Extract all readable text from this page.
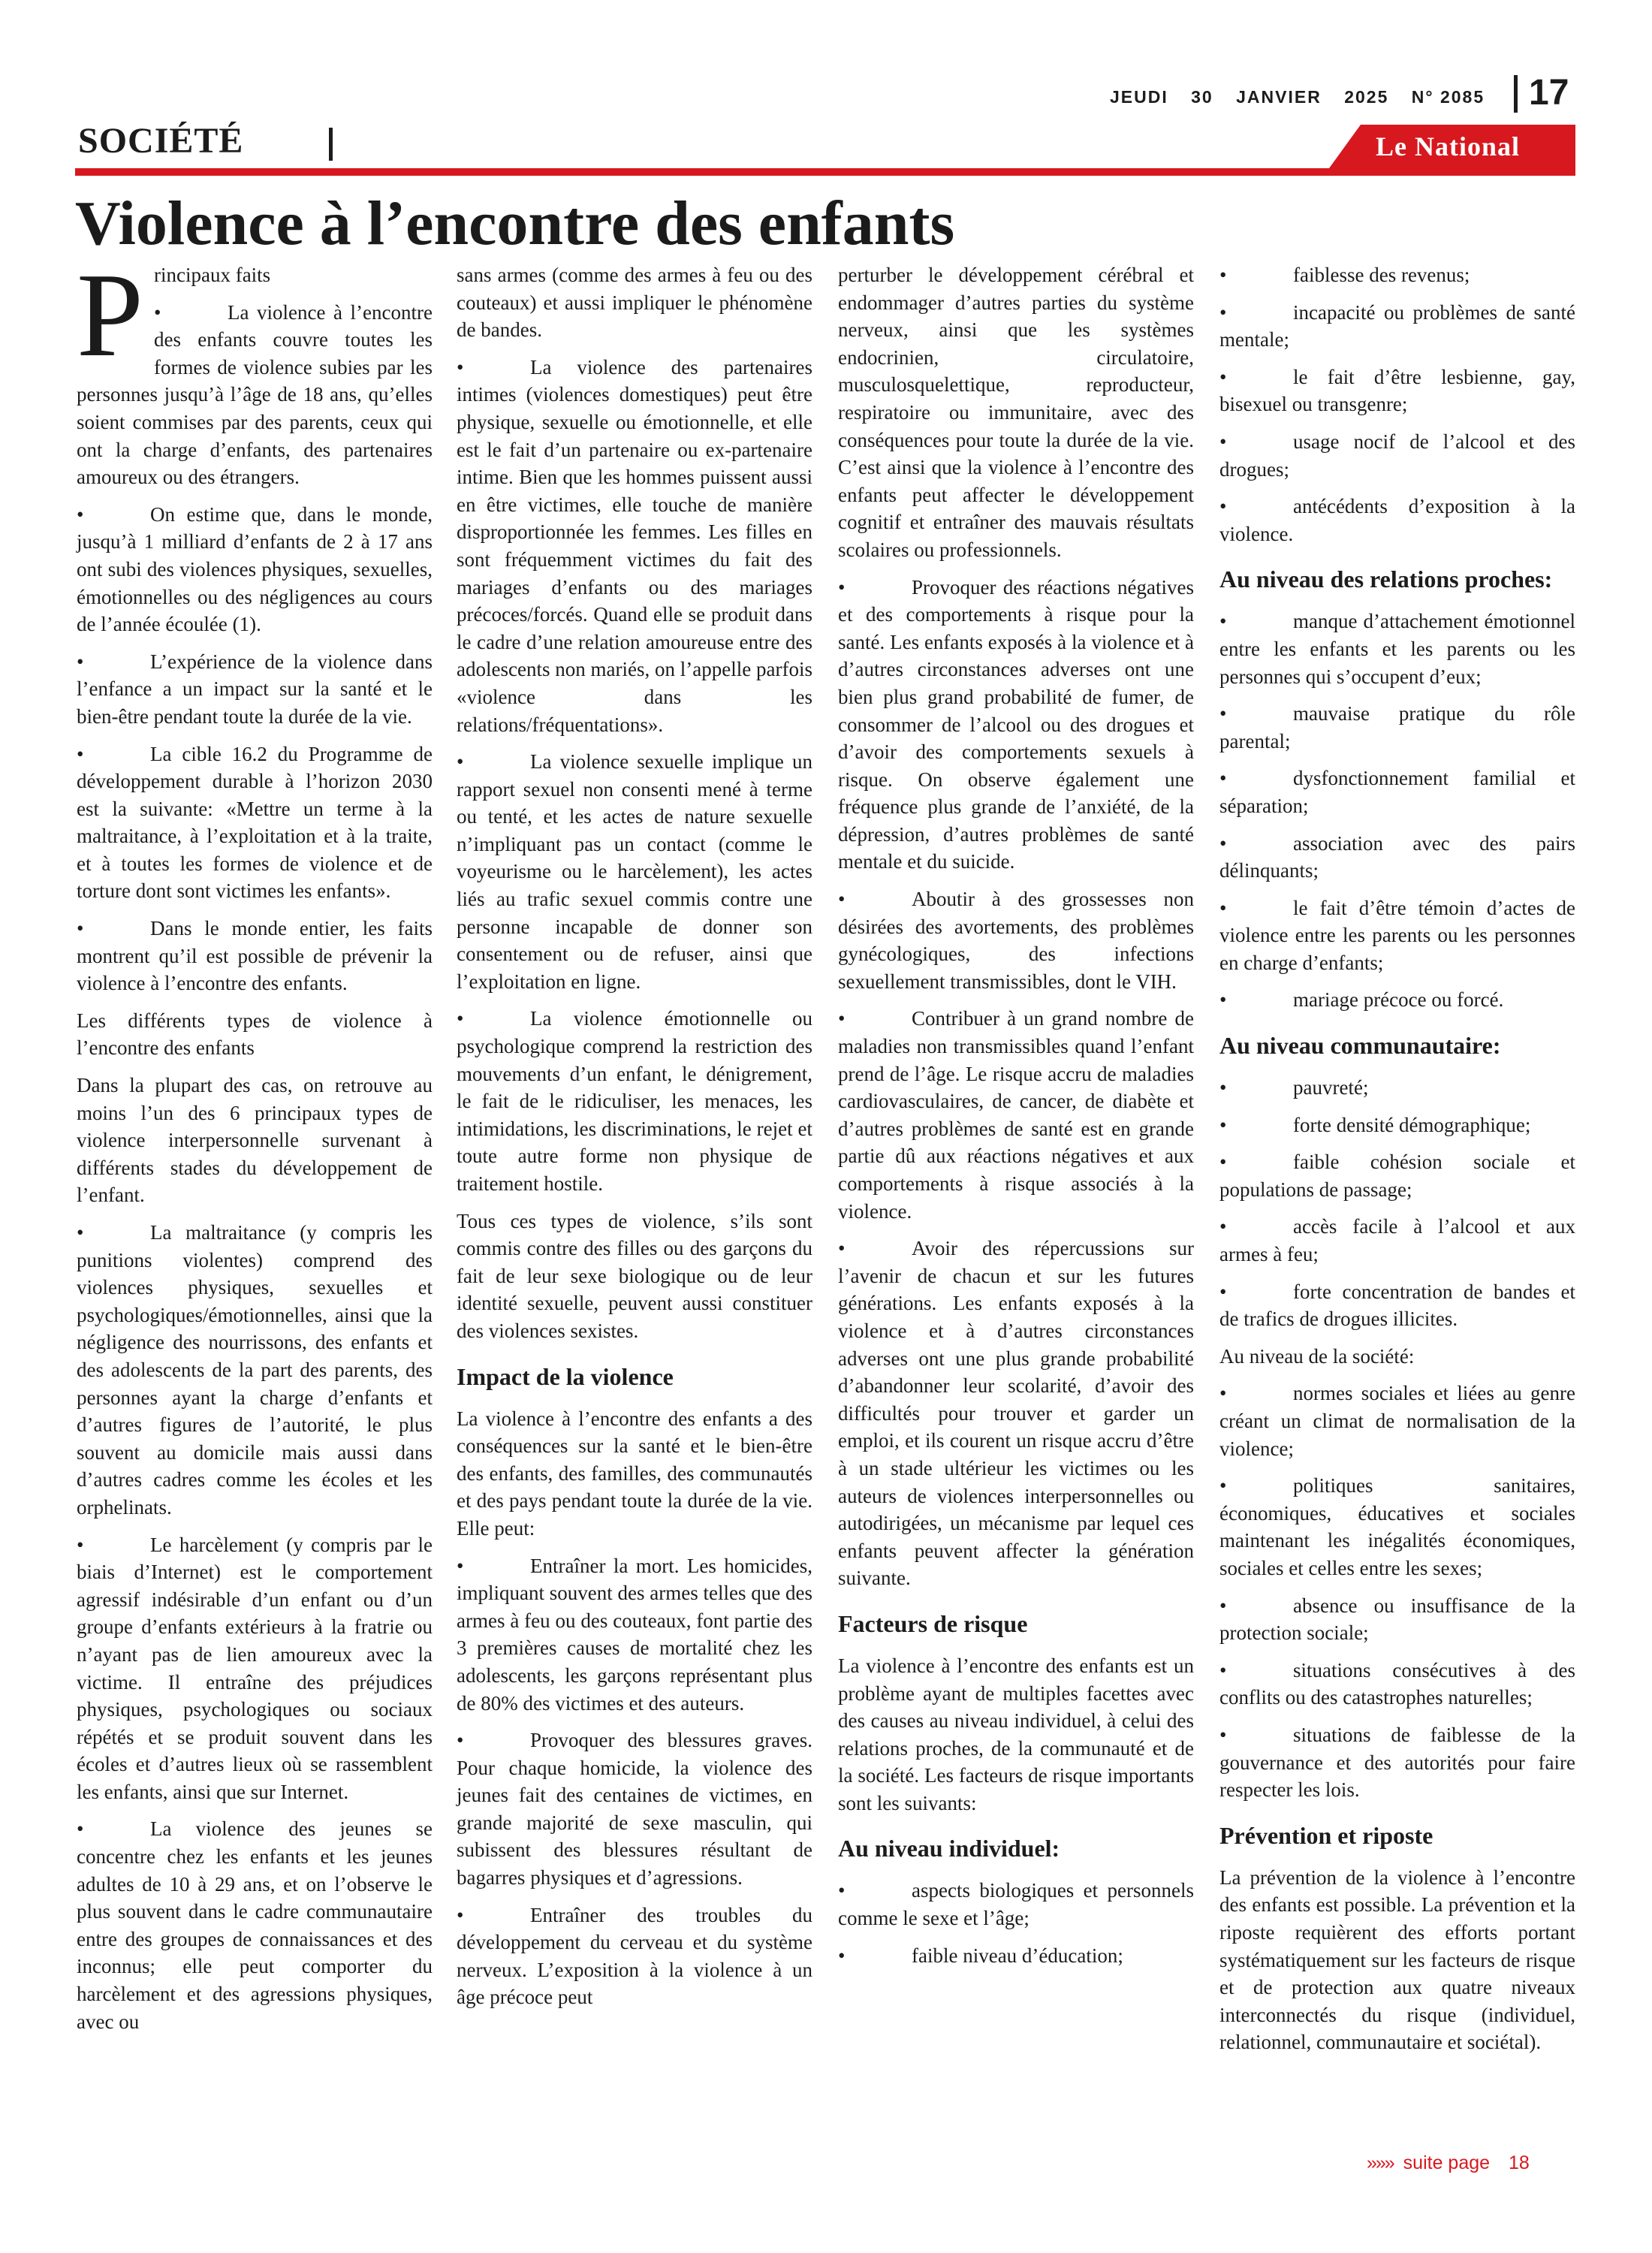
JEUDI 30 JANVIER 2025 N° 2085	17
SOCIÉTÉ	Le National
Violence à l’encontre des enfants

Principaux faits

• La violence à l’encontre des enfants couvre toutes les formes de violence subies par les personnes jusqu’à l’âge de 18 ans, qu’elles soient commises par des parents, ceux qui ont la charge d’enfants, des partenaires amoureux ou des étrangers.

• On estime que, dans le monde, jusqu’à 1 milliard d’enfants de 2 à 17 ans ont subi des violences physiques, sexuelles, émotionnelles ou des négligences au cours de l’année écoulée (1).

• L’expérience de la violence dans l’enfance a un impact sur la santé et le bien-être pendant toute la durée de la vie.

• La cible 16.2 du Programme de développement durable à l’horizon 2030 est la suivante: «Mettre un terme à la maltraitance, à l’exploitation et à la traite, et à toutes les formes de violence et de torture dont sont victimes les enfants».

• Dans le monde entier, les faits montrent qu’il est possible de prévenir la violence à l’encontre des enfants.

Les différents types de violence à l’encontre des enfants

Dans la plupart des cas, on retrouve au moins l’un des 6 principaux types de violence interpersonnelle survenant à différents stades du développement de l’enfant.

• La maltraitance (y compris les punitions violentes) comprend des violences physiques, sexuelles et psychologiques/émotionnelles, ainsi que la négligence des nourrissons, des enfants et des adolescents de la part des parents, des personnes ayant la charge d’enfants et d’autres figures de l’autorité, le plus souvent au domicile mais aussi dans d’autres cadres comme les écoles et les orphelinats.

• Le harcèlement (y compris par le biais d’Internet) est le comportement agressif indésirable d’un enfant ou d’un groupe d’enfants extérieurs à la fratrie ou n’ayant pas de lien amoureux avec la victime. Il entraîne des préjudices physiques, psychologiques ou sociaux répétés et se produit souvent dans les écoles et d’autres lieux où se rassemblent les enfants, ainsi que sur Internet.

• La violence des jeunes se concentre chez les enfants et les jeunes adultes de 10 à 29 ans, et on l’observe le plus souvent dans le cadre communautaire entre des groupes de connaissances et des inconnus; elle peut comporter du harcèlement et des agressions physiques, avec ou

sans armes (comme des armes à feu ou des couteaux) et aussi impliquer le phénomène de bandes.

• La violence des partenaires intimes (violences domestiques) peut être physique, sexuelle ou émotionnelle, et elle est le fait d’un partenaire ou ex-partenaire intime. Bien que les hommes puissent aussi en être victimes, elle touche de manière disproportionnée les femmes. Les filles en sont fréquemment victimes du fait des mariages d’enfants ou des mariages précoces/forcés. Quand elle se produit dans le cadre d’une relation amoureuse entre des adolescents non mariés, on l’appelle parfois «violence dans les relations/fréquentations».

• La violence sexuelle implique un rapport sexuel non consenti mené à terme ou tenté, et les actes de nature sexuelle n’impliquant pas un contact (comme le voyeurisme ou le harcèlement), les actes liés au trafic sexuel commis contre une personne incapable de donner son consentement ou de refuser, ainsi que l’exploitation en ligne.

• La violence émotionnelle ou psychologique comprend la restriction des mouvements d’un enfant, le dénigrement, le fait de le ridiculiser, les menaces, les intimidations, les discriminations, le rejet et toute autre forme non physique de traitement hostile.

Tous ces types de violence, s’ils sont commis contre des filles ou des garçons du fait de leur sexe biologique ou de leur identité sexuelle, peuvent aussi constituer des violences sexistes.

Impact de la violence

La violence à l’encontre des enfants a des conséquences sur la santé et le bien-être des enfants, des familles, des communautés et des pays pendant toute la durée de la vie. Elle peut:

• Entraîner la mort. Les homicides, impliquant souvent des armes telles que des armes à feu ou des couteaux, font partie des 3 premières causes de mortalité chez les adolescents, les garçons représentant plus de 80% des victimes et des auteurs.

• Provoquer des blessures graves. Pour chaque homicide, la violence des jeunes fait des centaines de victimes, en grande majorité de sexe masculin, qui subissent des blessures résultant de bagarres physiques et d’agressions.

• Entraîner des troubles du développement du cerveau et du système nerveux. L’exposition à la violence à un âge précoce peut

perturber le développement cérébral et endommager d’autres parties du système nerveux, ainsi que les systèmes endocrinien, circulatoire, musculosquelettique, reproducteur, respiratoire ou immunitaire, avec des conséquences pour toute la durée de la vie. C’est ainsi que la violence à l’encontre des enfants peut affecter le développement cognitif et entraîner des mauvais résultats scolaires ou professionnels.

• Provoquer des réactions négatives et des comportements à risque pour la santé. Les enfants exposés à la violence et à d’autres circonstances adverses ont une bien plus grand probabilité de fumer, de consommer de l’alcool ou des drogues et d’avoir des comportements sexuels à risque. On observe également une fréquence plus grande de l’anxiété, de la dépression, d’autres problèmes de santé mentale et du suicide.

• Aboutir à des grossesses non désirées des avortements, des problèmes gynécologiques, des infections sexuellement transmissibles, dont le VIH.

• Contribuer à un grand nombre de maladies non transmissibles quand l’enfant prend de l’âge. Le risque accru de maladies cardiovasculaires, de cancer, de diabète et d’autres problèmes de santé est en grande partie dû aux réactions négatives et aux comportements à risque associés à la violence.

• Avoir des répercussions sur l’avenir de chacun et sur les futures générations. Les enfants exposés à la violence et à d’autres circonstances adverses ont une plus grande probabilité d’abandonner leur scolarité, d’avoir des difficultés pour trouver et garder un emploi, et ils courent un risque accru d’être à un stade ultérieur les victimes ou les auteurs de violences interpersonnelles ou autodirigées, un mécanisme par lequel ces enfants peuvent affecter la génération suivante.

Facteurs de risque

La violence à l’encontre des enfants est un problème ayant de multiples facettes avec des causes au niveau individuel, à celui des relations proches, de la communauté et de la société. Les facteurs de risque importants sont les suivants:

Au niveau individuel:

• aspects biologiques et personnels comme le sexe et l’âge;

• faible niveau d’éducation;

• faiblesse des revenus;

• incapacité ou problèmes de santé mentale;

• le fait d’être lesbienne, gay, bisexuel ou transgenre;

• usage nocif de l’alcool et des drogues;

• antécédents d’exposition à la violence.

Au niveau des relations proches:

• manque d’attachement émotionnel entre les enfants et les parents ou les personnes qui s’occupent d’eux;

• mauvaise pratique du rôle parental;

• dysfonctionnement familial et séparation;

• association avec des pairs délinquants;

• le fait d’être témoin d’actes de violence entre les parents ou les personnes en charge d’enfants;

• mariage précoce ou forcé.

Au niveau communautaire:

• pauvreté;

• forte densité démographique;

• faible cohésion sociale et populations de passage;

• accès facile à l’alcool et aux armes à feu;

• forte concentration de bandes et de trafics de drogues illicites.

Au niveau de la société:

• normes sociales et liées au genre créant un climat de normalisation de la violence;

• politiques sanitaires, économiques, éducatives et sociales maintenant les inégalités économiques, sociales et celles entre les sexes;

• absence ou insuffisance de la protection sociale;

• situations consécutives à des conflits ou des catastrophes naturelles;

• situations de faiblesse de la gouvernance et des autorités pour faire respecter les lois.

Prévention et riposte

La prévention de la violence à l’encontre des enfants est possible. La prévention et la riposte requièrent des efforts portant systématiquement sur les facteurs de risque et de protection aux quatre niveaux interconnectés du risque (individuel, relationnel, communautaire et sociétal).

»»» suite page 18
